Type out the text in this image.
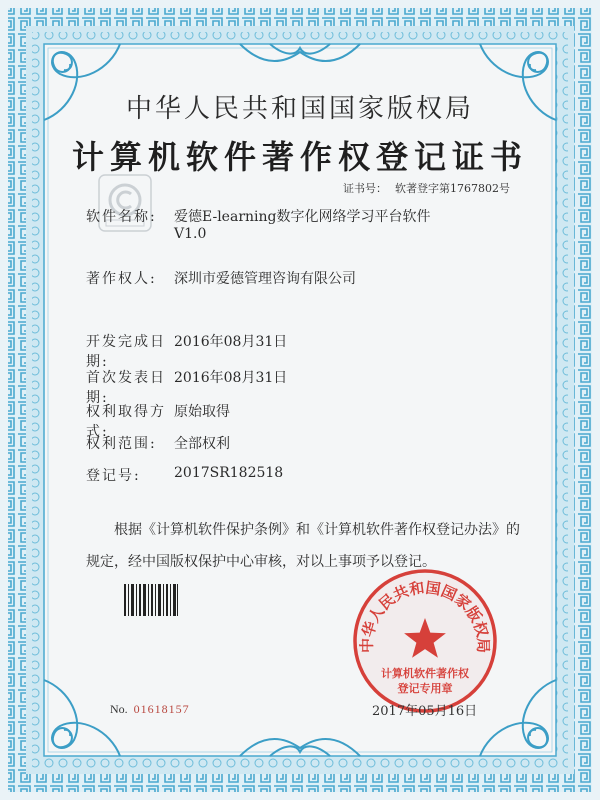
中华人民共和国国家版权局
计算机软件著作权登记证书
证书号： 软著登字第1767802号
软件名称: 爱德E-learning数字化网络学习平台软件
V1.0
著作权人: 深圳市爱德管理咨询有限公司
开发完成日期:2016年08月31日
首次发表日期:2016年08月31日
权利取得方式:原始取得
权利范围: 全部权利
登记号: 2017SR182518
根据《计算机软件保护条例》和《计算机软件著作权登记办法》的
规定，经中国版权保护中心审核，对以上事项予以登记。
中华人民共和国国家版权局
计算机软件著作权
登记专用章
No. 01618157	2017年05月16日
